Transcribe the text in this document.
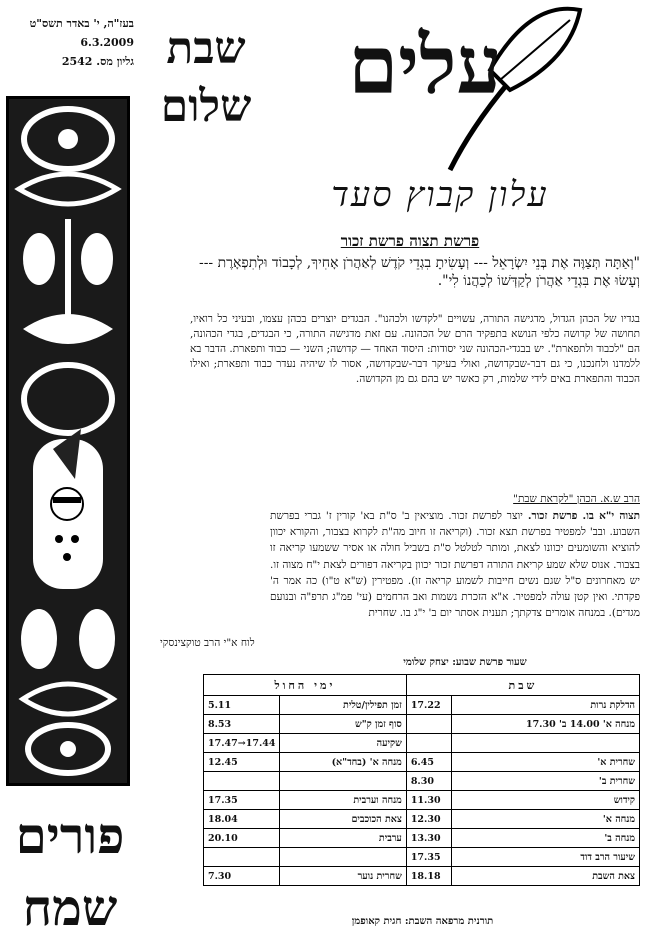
בעז"ה, י' באדר תשס"ט
6.3.2009
גליון מס. 2542 שבת
שלום	עלים
עלון קבוץ סעד
פרשת תצוה פרשת זכור
"וְאַתָּה תְּצַוֶּה אֶת בְּנֵי יִשְׂרָאֵל --- וְעָשִׂיתָ בִגְדֵי קֹדֶשׁ לְאַהֲרֹן אָחִיךָ, לְכָבוֹד וּלְתִפְאָרֶת --- וְעָשׂוּ אֶת בִּגְדֵי אַהֲרֹן לְקַדְּשׁוֹ לְכַהֲנוֹ לִי".
בגדיו של הכהן הגדול, מדגישה התורה, עשויים "לקדשו ולכהנו". הבגדים יוצרים בכהן עצמו, ובעיני כל רואיו, תחושה של קדושה כלפי הנושא בתפקיד הרם של הכהונה. עם זאת מדגישה התורה, כי הבגדים, בגדי הכהונה, הם "לכבוד ולתפארת". יש בבגדי-הכהונה שני יסודות: היסוד האחד — קדושה; השני — כבוד ותפארת. הדבר בא ללמדנו ולחנכנו, כי גם דבר-שבקדושה, ואולי בעיקר דבר-שבקדושה, אסור לו שיהיה נעדר כבוד ותפארת; ואילו הכבוד והתפארת באים לידי שלמות, רק כאשר יש בהם גם מן הקדושה.
הרב ש.א. הכהן "לקראת שבת"
תצוה י"א בו. פרשת זכור. יוצר לפרשת זכור. מוציאין ב' ס"ת בא' קורין ז' גברי בפרשת השבוע. ובב' למפטיר בפרשת תצא זכור. (וקריאה זו חיוב מה"ת לקרוא בצבור, והקורא יכוון להוציא והשומעים יכוונו לצאת, ומותר לטלטל ס"ת בשביל חולה או אסיר ששמעו קריאה זו בצבור. אנוס שלא שמע קריאת התורה דפרשת זכור יכוון בקריאה דפורים לצאת י"ח מצוה זו. יש מאחרונים ס"ל שגם נשים חייבות לשמוע קריאה זו). מפטירין (ש"א ט"ו) כה אמר ה' פקדתי. ואין קטן עולה למפטיר. א"א הזכרת נשמות ואב הרחמים (עי' פמ"ג תרפ"ה ובנועם מגדים). במנחה אומרים צדקתך; תענית אסתר יום ב' י"ג בו. שחרית
לוח א"י הרב טוקצינסקי
שעור פרשת שבוע: יצחק שלומי
שבת		ימי החול	
הדלקת נרות	17.22	זמן תפילין/טלית	5.11
מנחה א' 14.00 ב' 17.30		סוף זמן ק"ש	8.53
		שקיעה	17.44→17.47
שחרית א'	6.45	מנחה א' (בחד"א)	12.45
שחרית ב'	8.30		
קידוש	11.30	מנחה וערבית	17.35
מנחה א'	12.30	צאת הכוכבים	18.04
מנחה ב'	13.30	ערבית	20.10
שיעור הרב דוד	17.35		
צאת השבת	18.18	שחרית נוער	7.30
תורנית מרפאה השבת: חגית קאופמן
פורים
שמח
